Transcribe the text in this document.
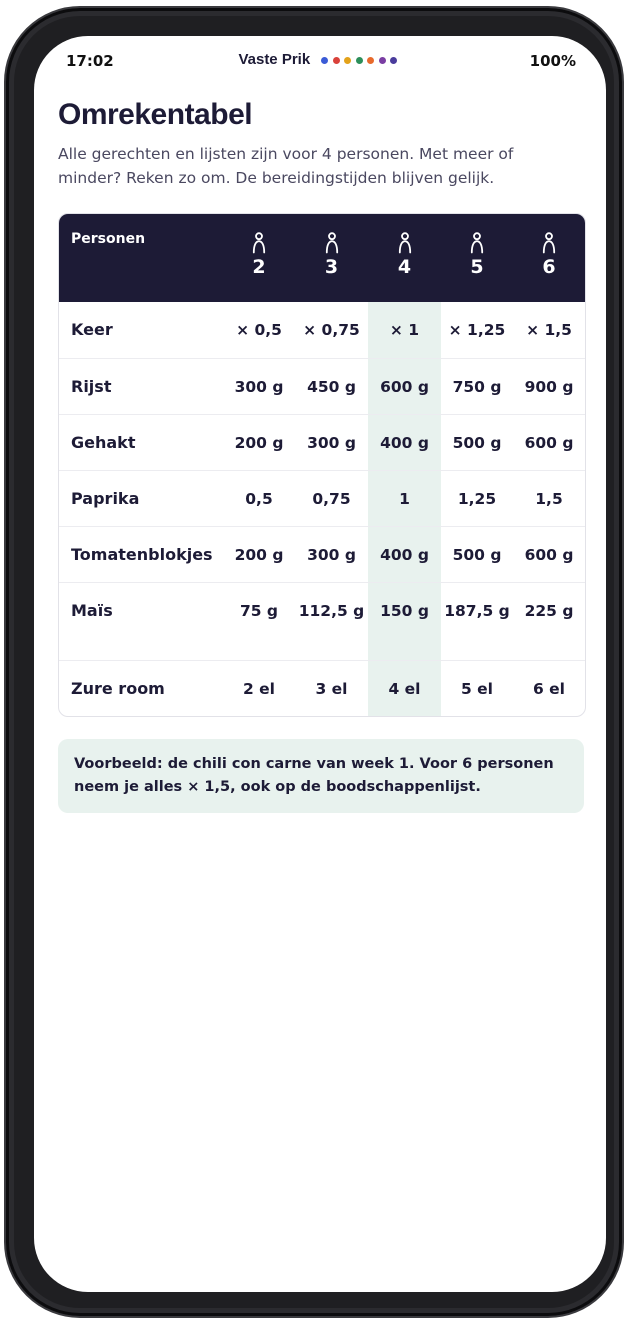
17:02	Vaste Prik	100%
Omrekentabel

Alle gerechten en lijsten zijn voor 4 personen. Met meer of minder? Reken zo om. De bereidingstijden blijven gelijk.

Personen	2	3	4	5	6

Keer	× 0,5	× 0,75	× 1	× 1,25	× 1,5

Rijst	300 g	450 g	600 g	750 g	900 g

Gehakt	200 g	300 g	400 g	500 g	600 g

Paprika	0,5	0,75	1	1,25	1,5

Tomatenblokjes	200 g	300 g	400 g	500 g	600 g

Maïs	75 g	112,5 g	150 g	187,5 g	225 g

Zure room	2 el	3 el	4 el	5 el	6 el
Voorbeeld: de chili con carne van week 1. Voor 6 personen neem je alles × 1,5, ook op de boodschappenlijst.
